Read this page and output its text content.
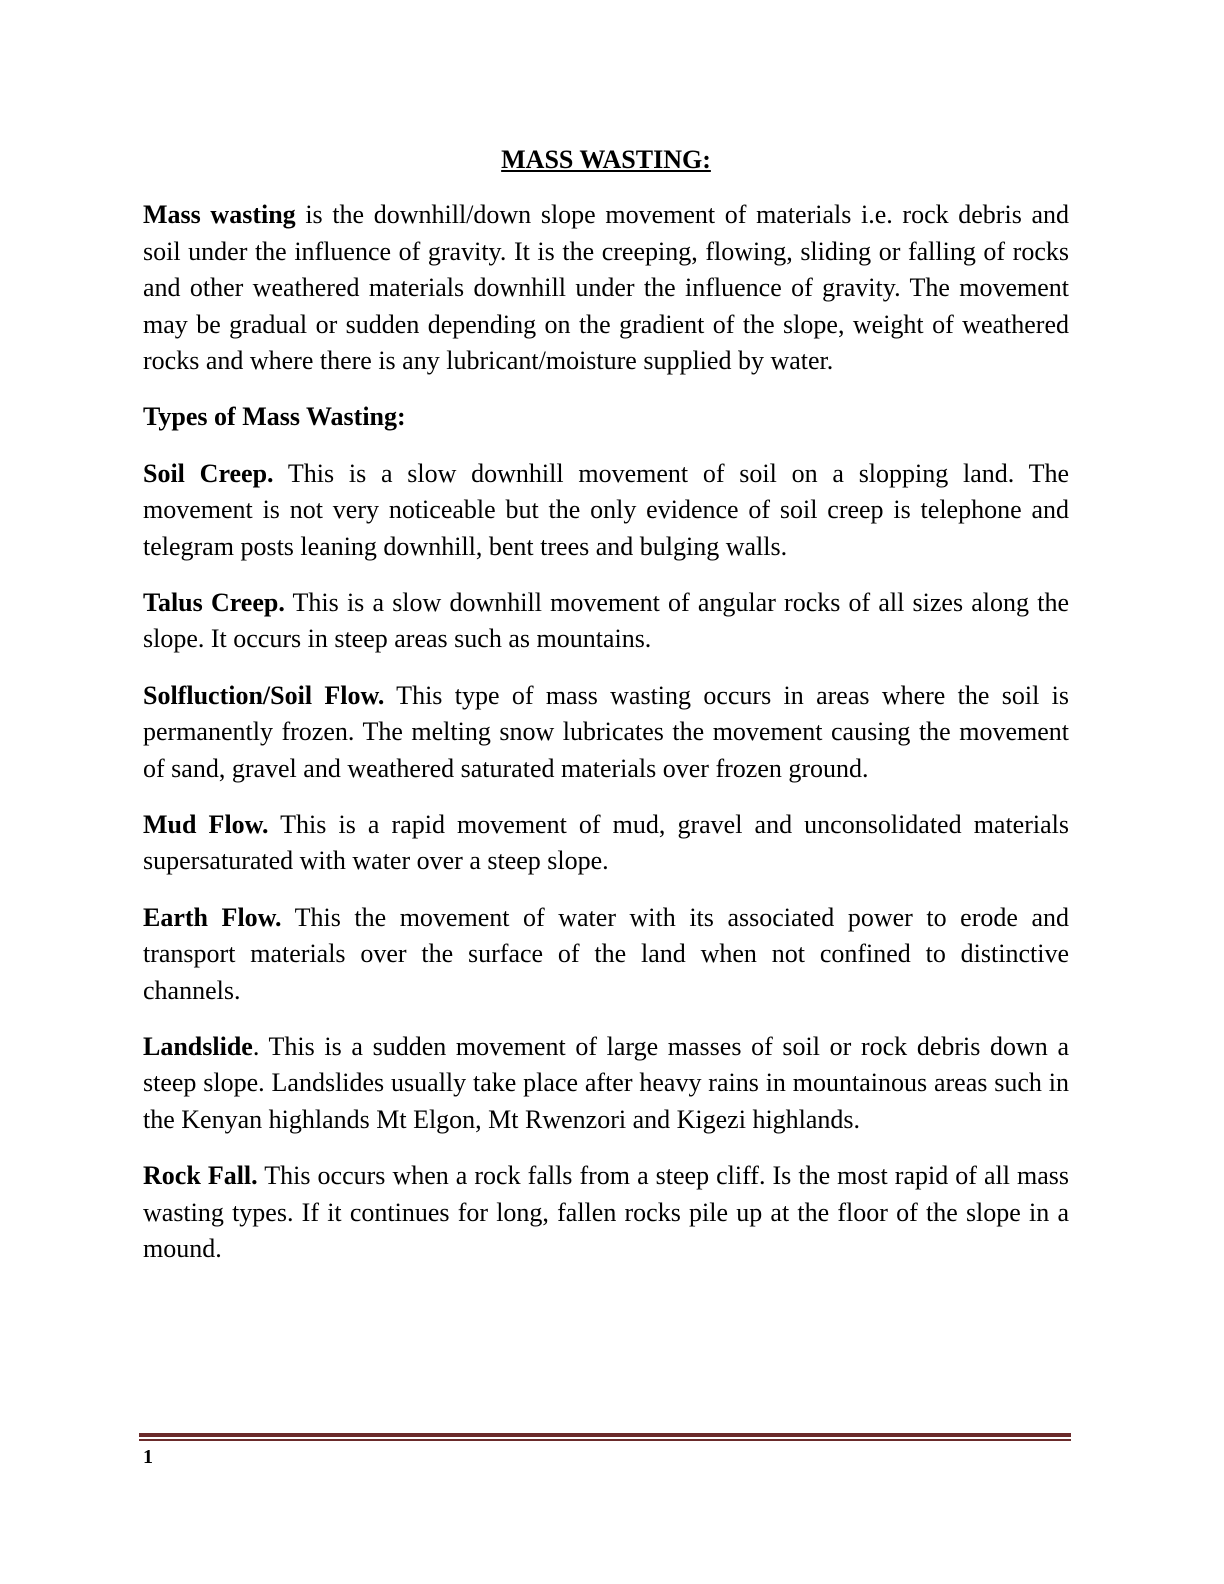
MASS WASTING:

Mass wasting is the downhill/down slope movement of materials i.e. rock debris and soil under the influence of gravity. It is the creeping, flowing, sliding or falling of rocks and other weathered materials downhill under the influence of gravity. The movement may be gradual or sudden depending on the gradient of the slope, weight of weathered rocks and where there is any lubricant/moisture supplied by water.

Types of Mass Wasting:

Soil Creep. This is a slow downhill movement of soil on a slopping land. The movement is not very noticeable but the only evidence of soil creep is telephone and telegram posts leaning downhill, bent trees and bulging walls.

Talus Creep. This is a slow downhill movement of angular rocks of all sizes along the slope. It occurs in steep areas such as mountains.

Solfluction/Soil Flow. This type of mass wasting occurs in areas where the soil is permanently frozen. The melting snow lubricates the movement causing the movement of sand, gravel and weathered saturated materials over frozen ground.

Mud Flow. This is a rapid movement of mud, gravel and unconsolidated materials supersaturated with water over a steep slope.

Earth Flow. This the movement of water with its associated power to erode and transport materials over the surface of the land when not confined to distinctive channels.

Landslide. This is a sudden movement of large masses of soil or rock debris down a steep slope. Landslides usually take place after heavy rains in mountainous areas such in the Kenyan highlands Mt Elgon, Mt Rwenzori and Kigezi highlands.

Rock Fall. This occurs when a rock falls from a steep cliff. Is the most rapid of all mass wasting types. If it continues for long, fallen rocks pile up at the floor of the slope in a mound.

1
